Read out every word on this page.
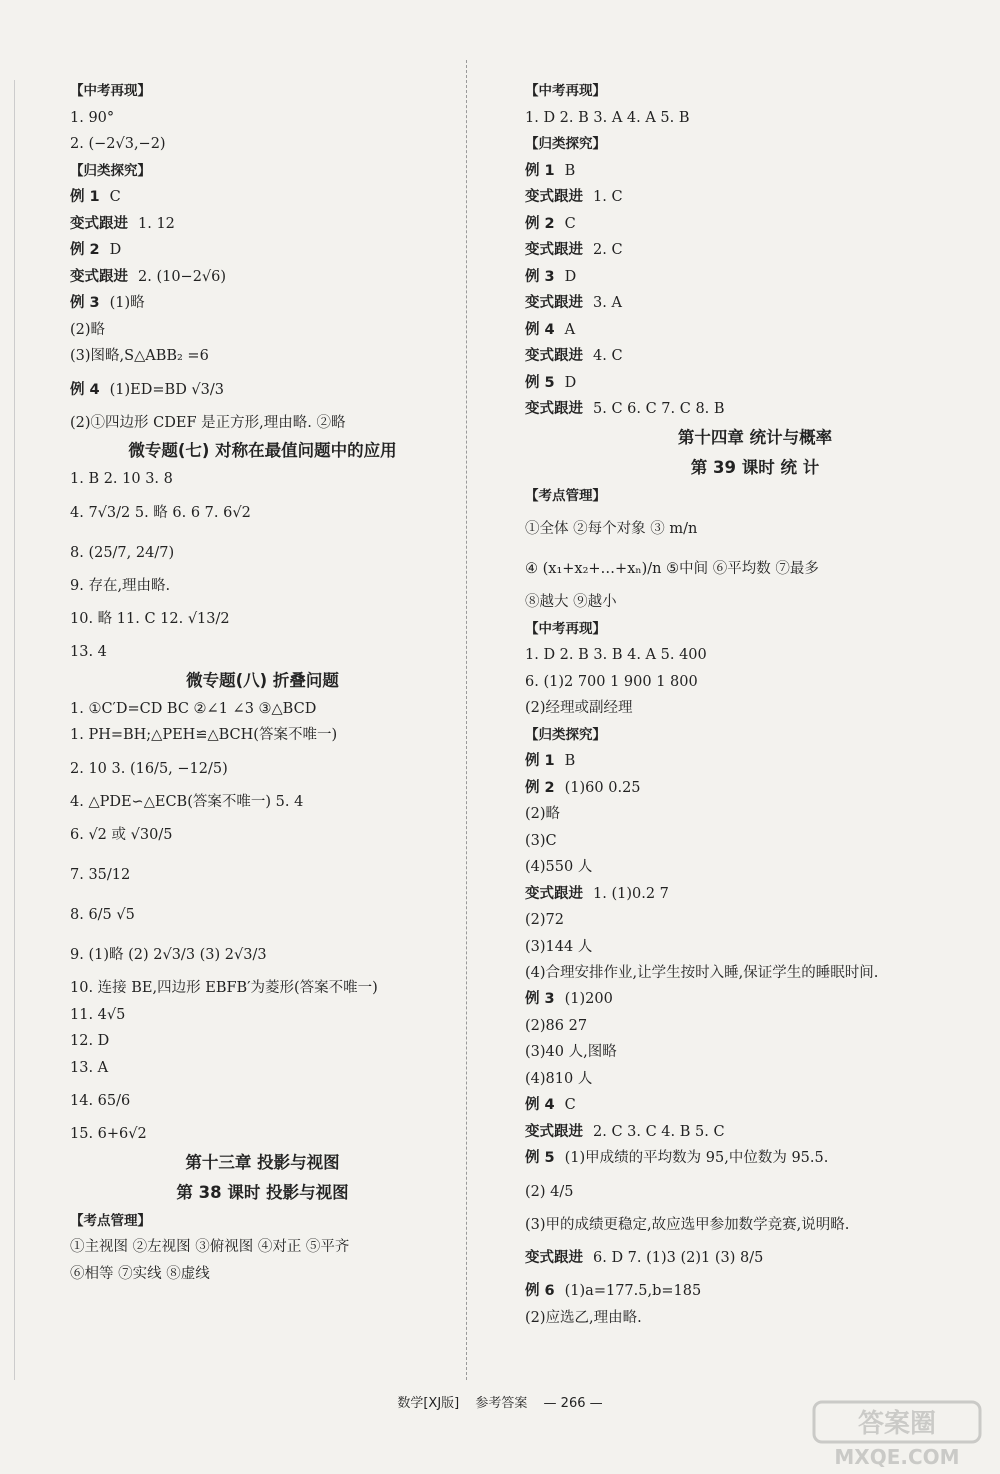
【中考再现】
1. 90°
2. (−2√3,−2)
【归类探究】
例 1 C
变式跟进 1. 12
例 2 D
变式跟进 2. (10−2√6)
例 3 (1)略
(2)略
(3)图略,S△ABB₂ =6
例 4 (1)ED=BD √3/3
(2)①四边形 CDEF 是正方形,理由略. ②略
微专题(七) 对称在最值问题中的应用
1. B 2. 10 3. 8
4. 7√3/2 5. 略 6. 6 7. 6√2
8. (25/7, 24/7)
9. 存在,理由略.
10. 略 11. C 12. √13/2
13. 4
微专题(八) 折叠问题
1. ①C′D=CD BC ②∠1 ∠3 ③△BCD
1. PH=BH;△PEH≌△BCH(答案不唯一)
2. 10 3. (16/5, −12/5)
4. △PDE∽△ECB(答案不唯一) 5. 4
6. √2 或 √30/5
7. 35/12
8. 6/5 √5
9. (1)略 (2) 2√3/3 (3) 2√3/3
10. 连接 BE,四边形 EBFB′为菱形(答案不唯一)
11. 4√5
12. D
13. A
14. 65/6
15. 6+6√2
第十三章 投影与视图
第 38 课时 投影与视图
【考点管理】
①主视图 ②左视图 ③俯视图 ④对正 ⑤平齐
⑥相等 ⑦实线 ⑧虚线
【中考再现】
1. D 2. B 3. A 4. A 5. B
【归类探究】
例 1 B
变式跟进 1. C
例 2 C
变式跟进 2. C
例 3 D
变式跟进 3. A
例 4 A
变式跟进 4. C
例 5 D
变式跟进 5. C 6. C 7. C 8. B
第十四章 统计与概率
第 39 课时 统 计
【考点管理】
①全体 ②每个对象 ③ m/n
④ (x₁+x₂+…+xₙ)/n ⑤中间 ⑥平均数 ⑦最多
⑧越大 ⑨越小
【中考再现】
1. D 2. B 3. B 4. A 5. 400
6. (1)2 700 1 900 1 800
(2)经理或副经理
【归类探究】
例 1 B
例 2 (1)60 0.25
(2)略
(3)C
(4)550 人
变式跟进 1. (1)0.2 7
(2)72
(3)144 人
(4)合理安排作业,让学生按时入睡,保证学生的睡眠时间.
例 3 (1)200
(2)86 27
(3)40 人,图略
(4)810 人
例 4 C
变式跟进 2. C 3. C 4. B 5. C
例 5 (1)甲成绩的平均数为 95,中位数为 95.5.
(2) 4/5
(3)甲的成绩更稳定,故应选甲参加数学竞赛,说明略.
变式跟进 6. D 7. (1)3 (2)1 (3) 8/5
例 6 (1)a=177.5,b=185
(2)应选乙,理由略.
数学[XJ版] 参考答案 — 266 —
答案圈
MXQE.COM
